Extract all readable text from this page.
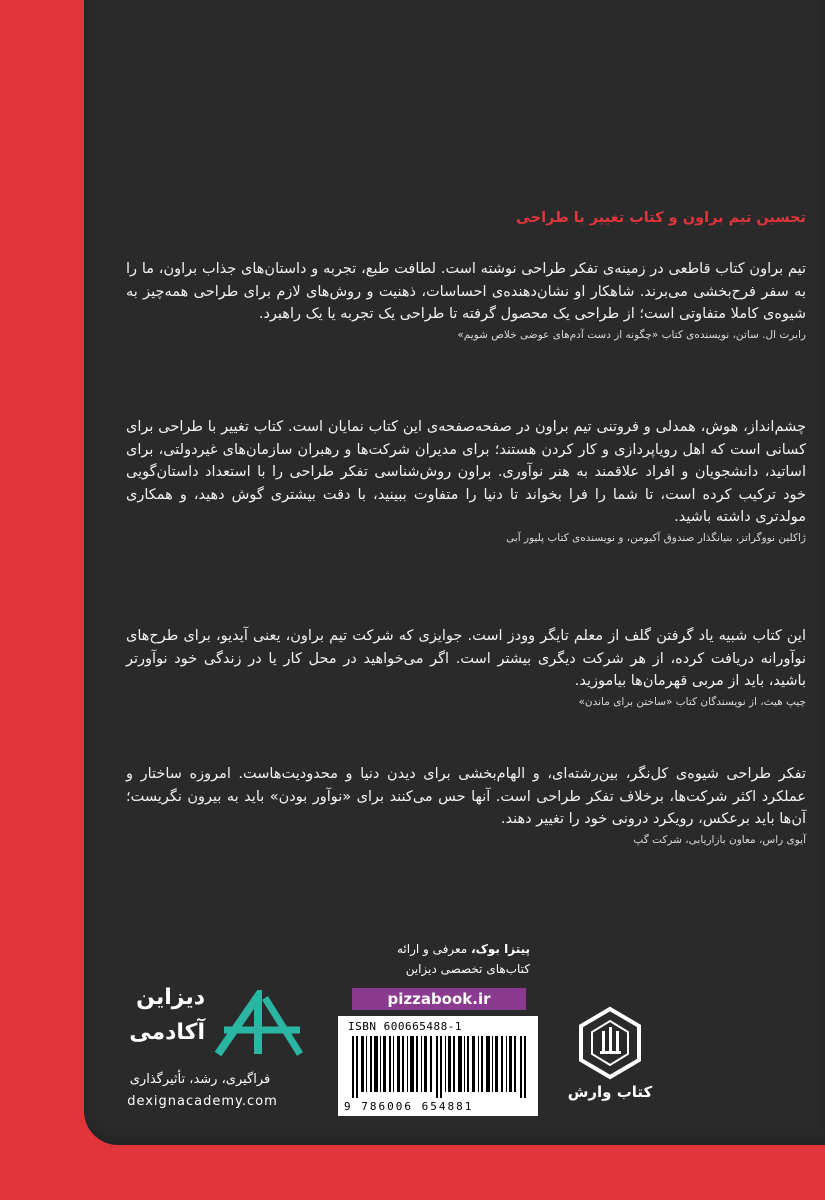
تحسین تیم براون و کتاب تغییر با طراحی

تیم براون کتاب قاطعی در زمینه‌ی تفکر طراحی نوشته است. لطافت طبع، تجربه و داستان‌های جذاب براون، ما را به سفر فرح‌بخشی می‌برند. شاهکار او نشان‌دهنده‌ی احساسات، ذهنیت و روش‌های لازم برای طراحی همه‌چیز به شیوه‌ی کاملا متفاوتی است؛ از طراحی یک محصول گرفته تا طراحی یک تجربه یا یک راهبرد.

رابرت ال. ساتن، نویسنده‌ی کتاب «چگونه از دست آدم‌های عوضی خلاص شویم»

چشم‌انداز، هوش، همدلی و فروتنی تیم براون در صفحه‌صفحه‌ی این کتاب نمایان است. کتاب تغییر با طراحی برای کسانی است که اهل رویاپردازی و کار کردن هستند؛ برای مدیران شرکت‌ها و رهبران سازمان‌های غیردولتی، برای اساتید، دانشجویان و افراد علاقمند به هنر نوآوری. براون روش‌شناسی تفکر طراحی را با استعداد داستان‌گویی خود ترکیب کرده است، تا شما را فرا بخواند تا دنیا را متفاوت ببینید، با دقت بیشتری گوش دهید، و همکاری مولدتری داشته باشید.

ژاکلین نووگراتز، بنیانگذار صندوق آکیومن، و نویسنده‌ی کتاب پلیور آبی

این کتاب شبیه یاد گرفتن گلف از معلم تایگر وودز است. جوایزی که شرکت تیم براون، یعنی آیدیو، برای طرح‌های نوآورانه دریافت کرده، از هر شرکت دیگری بیشتر است. اگر می‌خواهید در محل کار یا در زندگی خود نوآورتر باشید، باید از مربی قهرمان‌ها بیاموزید.

چیپ هیث، از نویسندگان کتاب «ساختن برای ماندن»

تفکر طراحی شیوه‌ی کل‌نگر، بین‌رشته‌ای، و الهام‌بخشی برای دیدن دنیا و محدودیت‌هاست. امروزه ساختار و عملکرد اکثر شرکت‌ها، برخلاف تفکر طراحی است. آنها حس می‌کنند برای «نوآور بودن» باید به بیرون نگریست؛ آن‌ها باید برعکس، رویکرد درونی خود را تغییر دهند.

آیوی راس، معاون بازاریابی، شرکت گپ

پیتزا بوک، معرفی و ارائه
کتاب‌های تخصصی دیزاین
pizzabook.ir
ISBN 600665488-1
9 786006 654881
کتاب وارش
دیزاین
آکادمی
فراگیری، رشد، تأثیرگذاری
dexignacademy.com
